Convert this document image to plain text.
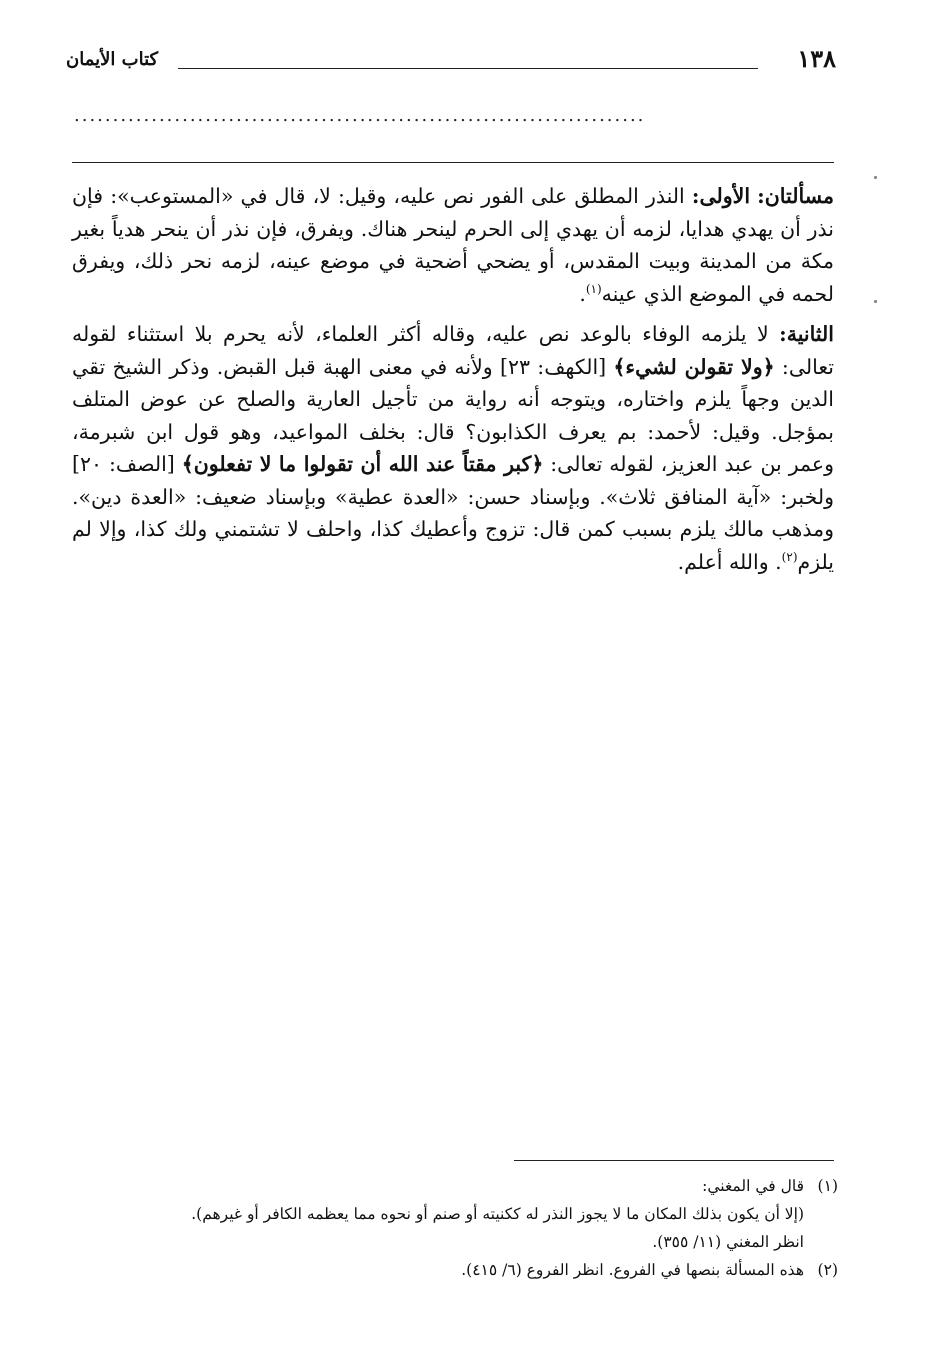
١٣٨
كتاب الأيمان
..........................................................................

مسألتان: الأولى: النذر المطلق على الفور نص عليه، وقيل: لا، قال في «المستوعب»: فإن نذر أن يهدي هدايا، لزمه أن يهدي إلى الحرم لينحر هناك. ويفرق، فإن نذر أن ينحر هدياً بغير مكة من المدينة وبيت المقدس، أو يضحي أضحية في موضع عينه، لزمه نحر ذلك، ويفرق لحمه في الموضع الذي عينه$^{(١)}$.

الثانية: لا يلزمه الوفاء بالوعد نص عليه، وقاله أكثر العلماء، لأنه يحرم بلا استثناء لقوله تعالى: ﴿ولا تقولن لشيء﴾ [الكهف: ٢٣] ولأنه في معنى الهبة قبل القبض. وذكر الشيخ تقي الدين وجهاً يلزم واختاره، ويتوجه أنه رواية من تأجيل العارية والصلح عن عوض المتلف بمؤجل. وقيل: لأحمد: بم يعرف الكذابون؟ قال: بخلف المواعيد، وهو قول ابن شبرمة، وعمر بن عبد العزيز، لقوله تعالى: ﴿كبر مقتاً عند الله أن تقولوا ما لا تفعلون﴾ [الصف: ٢٠] ولخبر: «آية المنافق ثلاث». وبإسناد حسن: «العدة عطية» وبإسناد ضعيف: «العدة دين». ومذهب مالك يلزم بسبب كمن قال: تزوج وأعطيك كذا، واحلف لا تشتمني ولك كذا، وإلا لم يلزم$^{(٢)}$. والله أعلم.

(١)قال في المغني:
(إلا أن يكون بذلك المكان ما لا يجوز النذر له ككنيته أو صنم أو نحوه مما يعظمه الكافر أو غيرهم).
انظر المغني (١١/ ٣٥٥).
(٢)هذه المسألة بنصها في الفروع. انظر الفروع (٦/ ٤١٥).
